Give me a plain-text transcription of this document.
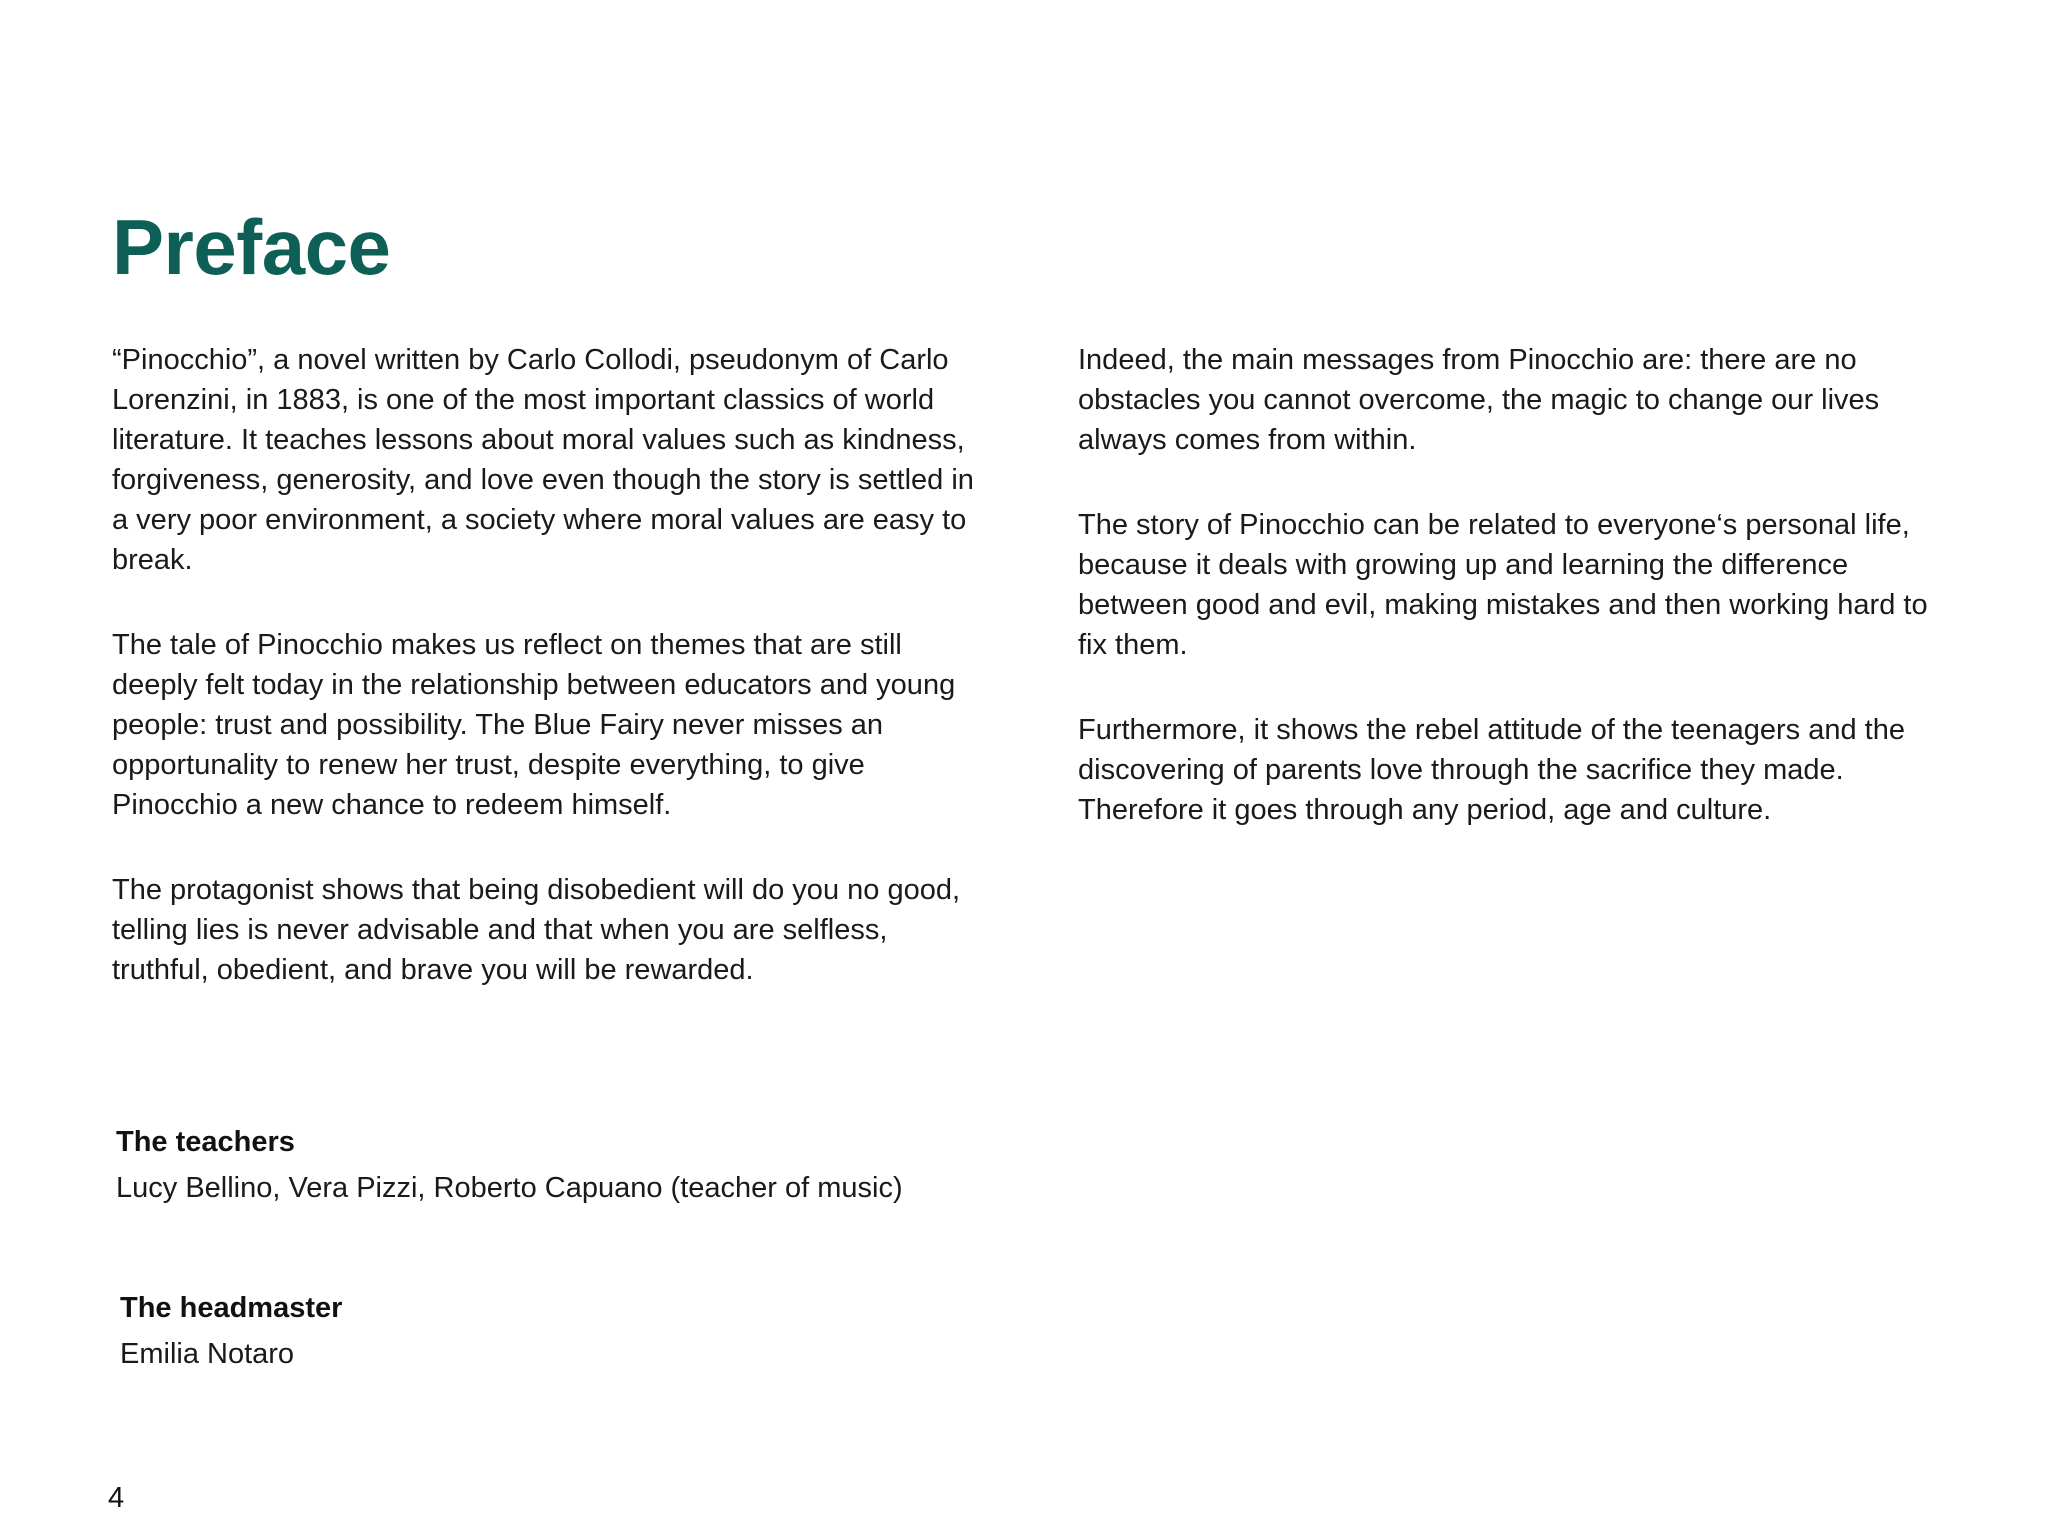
Preface

“Pinocchio”, a novel written by Carlo Collodi, pseudonym of Carlo Lorenzini, in 1883, is one of the most important classics of world literature. It teaches lessons about moral values such as kindness, forgiveness, generosity, and love even though the story is settled in a very poor environment, a society where moral values are easy to break.

The tale of Pinocchio makes us reflect on themes that are still deeply felt today in the relationship between educators and young people: trust and possibility. The Blue Fairy never misses an opportunality to renew her trust, despite everything, to give Pinocchio a new chance to redeem himself.

The protagonist shows that being disobedient will do you no good, telling lies is never advisable and that when you are selfless, truthful, obedient, and brave you will be rewarded.

Indeed, the main messages from Pinocchio are: there are no obstacles you cannot overcome, the magic to change our lives always comes from within.

The story of Pinocchio can be related to everyone‘s personal life, because it deals with growing up and learning the difference between good and evil, making mistakes and then working hard to fix them.

Furthermore, it shows the rebel attitude of the teenagers and the discovering of parents love through the sacrifice they made. Therefore it goes through any period, age and culture.

The teachers

Lucy Bellino, Vera Pizzi, Roberto Capuano (teacher of music)

The headmaster

Emilia Notaro

4
